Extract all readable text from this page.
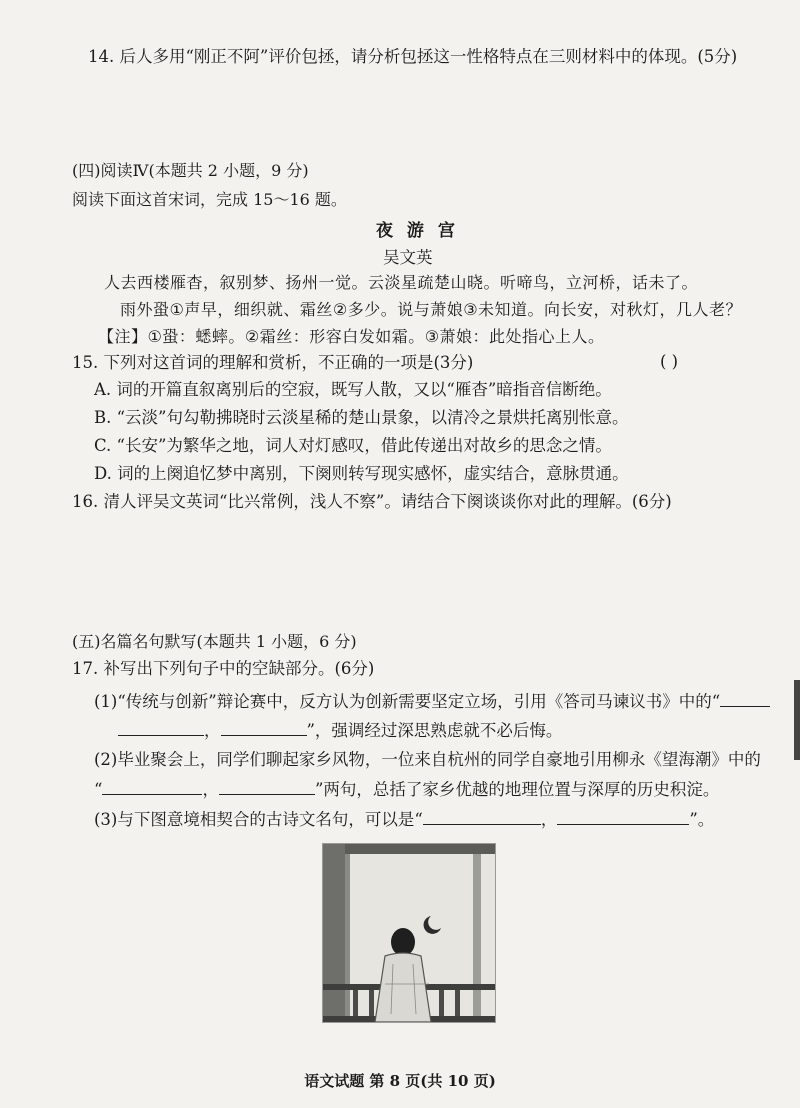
14. 后人多用“刚正不阿”评价包拯，请分析包拯这一性格特点在三则材料中的体现。(5分)
(四)阅读Ⅳ(本题共 2 小题，9 分)
阅读下面这首宋词，完成 15～16 题。
夜 游 宫
吴文英
人去西楼雁杳，叙别梦、扬州一觉。云淡星疏楚山晓。听啼鸟，立河桥，话未了。
雨外蛩①声早，细织就、霜丝②多少。说与萧娘③未知道。向长安，对秋灯，几人老？
【注】①蛩：蟋蟀。②霜丝：形容白发如霜。③萧娘：此处指心上人。
15. 下列对这首词的理解和赏析，不正确的一项是(3分)	( )
A. 词的开篇直叙离别后的空寂，既写人散，又以“雁杳”暗指音信断绝。
B. “云淡”句勾勒拂晓时云淡星稀的楚山景象，以清冷之景烘托离别怅意。
C. “长安”为繁华之地，词人对灯感叹，借此传递出对故乡的思念之情。
D. 词的上阕追忆梦中离别，下阕则转写现实感怀，虚实结合，意脉贯通。
16. 清人评吴文英词“比兴常例，浅人不察”。请结合下阕谈谈你对此的理解。(6分)
(五)名篇名句默写(本题共 1 小题，6 分)
17. 补写出下列句子中的空缺部分。(6分)
(1)“传统与创新”辩论赛中，反方认为创新需要坚定立场，引用《答司马谏议书》中的“
，	”，强调经过深思熟虑就不必后悔。
(2)毕业聚会上，同学们聊起家乡风物，一位来自杭州的同学自豪地引用柳永《望海潮》中的
“	，	”两句，总括了家乡优越的地理位置与深厚的历史积淀。
(3)与下图意境相契合的古诗文名句，可以是“	，	”。
语文试题 第 8 页(共 10 页)
